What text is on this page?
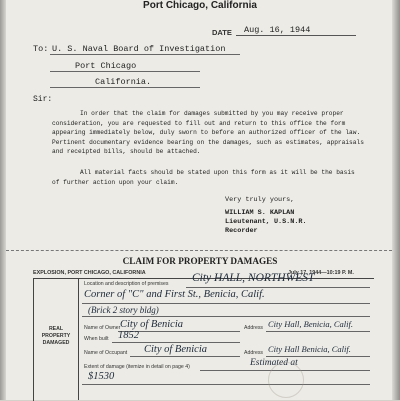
Port Chicago, California
DATE Aug. 16, 1944
To: U. S. Naval Board of Investigation
Port Chicago
California.
Sir:

In order that the claim for damages submitted by you may receive proper consideration, you are requested to fill out and return to this office the form appearing immediately below, duly sworn to before an authorized officer of the law. Pertinent documentary evidence bearing on the damages, such as estimates, appraisals and receipted bills, should be attached.

All material facts should be stated upon this form as it will be the basis of further action upon your claim.

Very truly yours,
WILLIAM S. KAPLAN
Lieutenant, U.S.N.R.
Recorder
CLAIM FOR PROPERTY DAMAGES
EXPLOSION, PORT CHICAGO, CALIFORNIA	July 17, 1944—10:19 P. M.
REAL
PROPERTY
DAMAGED
Location and description of premises City HALL, NORTHWEST
Corner of "C" and First St., Benicia, Calif.
(Brick 2 story bldg)
Name of Owner City of Benicia	Address City Hall, Benicia, Calif.
When built 1852
Name of Occupant City of Benicia	Address City Hall Benicia, Calif.
Extent of damage (itemize in detail on page 4)	Estimated at
$1530
